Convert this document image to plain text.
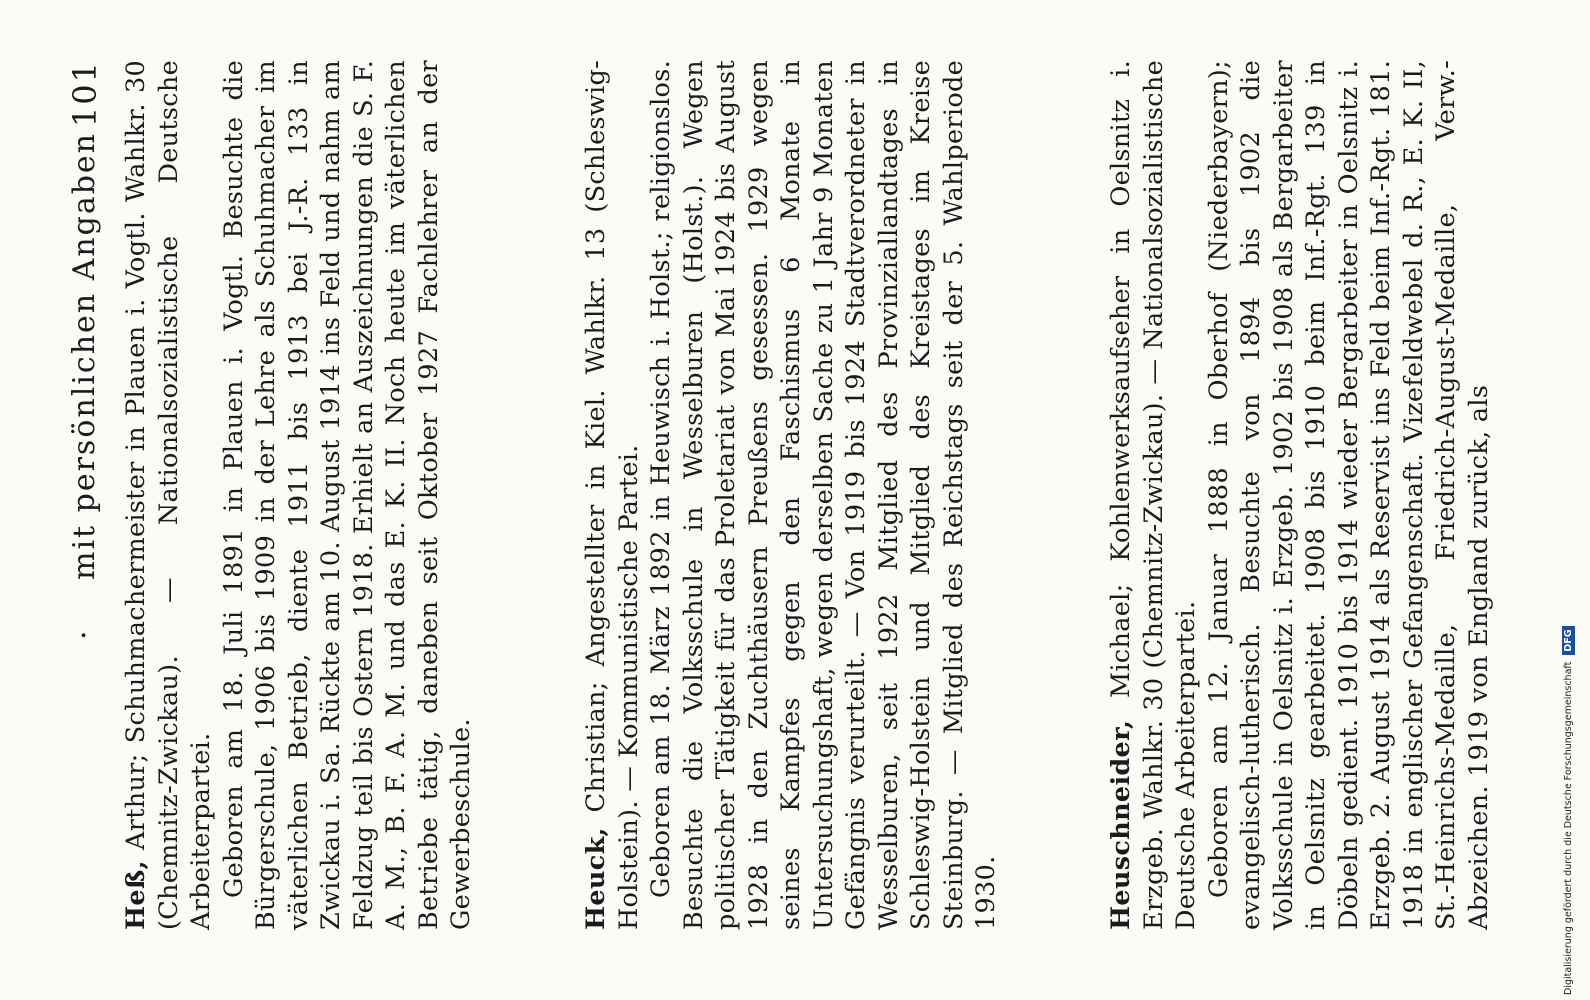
·
mit persönlichen Angaben
101

Heß, Arthur; Schuhmachermeister in Plauen i. Vogtl. Wahlkr. 30 (Chemnitz-Zwickau). — Nationalsozialistische Deutsche Arbeiterpartei. Geboren am 18. Juli 1891 in Plauen i. Vogtl. Besuchte die Bürgerschule, 1906 bis 1909 in der Lehre als Schuhmacher im väterlichen Betrieb, diente 1911 bis 1913 bei J.-R. 133 in Zwickau i. Sa. Rückte am 10. August 1914 ins Feld und nahm am Feldzug teil bis Ostern 1918. Erhielt an Auszeichnungen die S. F. A. M., B. F. A. M. und das E. K. II. Noch heute im väterlichen Betriebe tätig, daneben seit Oktober 1927 Fachlehrer an der Gewerbeschule.	Heuck, Christian; Angestellter in Kiel. Wahlkr. 13 (Schleswig-Holstein). — Kommunistische Partei. Geboren am 18. März 1892 in Heuwisch i. Holst.; religionslos. Besuchte die Volksschule in Wesselburen (Holst.). Wegen politischer Tätigkeit für das Proletariat von Mai 1924 bis August 1928 in den Zuchthäusern Preußens gesessen. 1929 wegen seines Kampfes gegen den Faschismus 6 Monate in Untersuchungshaft, wegen derselben Sache zu 1 Jahr 9 Monaten Gefängnis verurteilt. — Von 1919 bis 1924 Stadtverordneter in Wesselburen, seit 1922 Mitglied des Provinziallandtages in Schleswig-Holstein und Mitglied des Kreistages im Kreise Steinburg. — Mitglied des Reichstags seit der 5. Wahlperiode 1930.	Heuschneider, Michael; Kohlenwerksaufseher in Oelsnitz i. Erzgeb. Wahlkr. 30 (Chemnitz-Zwickau). — Nationalsozialistische Deutsche Arbeiterpartei. Geboren am 12. Januar 1888 in Oberhof (Niederbayern); evangelisch-lutherisch. Besuchte von 1894 bis 1902 die Volksschule in Oelsnitz i. Erzgeb. 1902 bis 1908 als Bergarbeiter in Oelsnitz gearbeitet. 1908 bis 1910 beim Inf.-Rgt. 139 in Döbeln gedient. 1910 bis 1914 wieder Bergarbeiter in Oelsnitz i. Erzgeb. 2. August 1914 als Reservist ins Feld beim Inf.-Rgt. 181. 1918 in englischer Gefangenschaft. Vizefeldwebel d. R., E. K. II, St.-Heinrichs-Medaille, Friedrich-August-Medaille, Verw.-Abzeichen. 1919 von England zurück, als	Digitalisierung gefördert durch die Deutsche Forschungsgemeinschaft DFG
